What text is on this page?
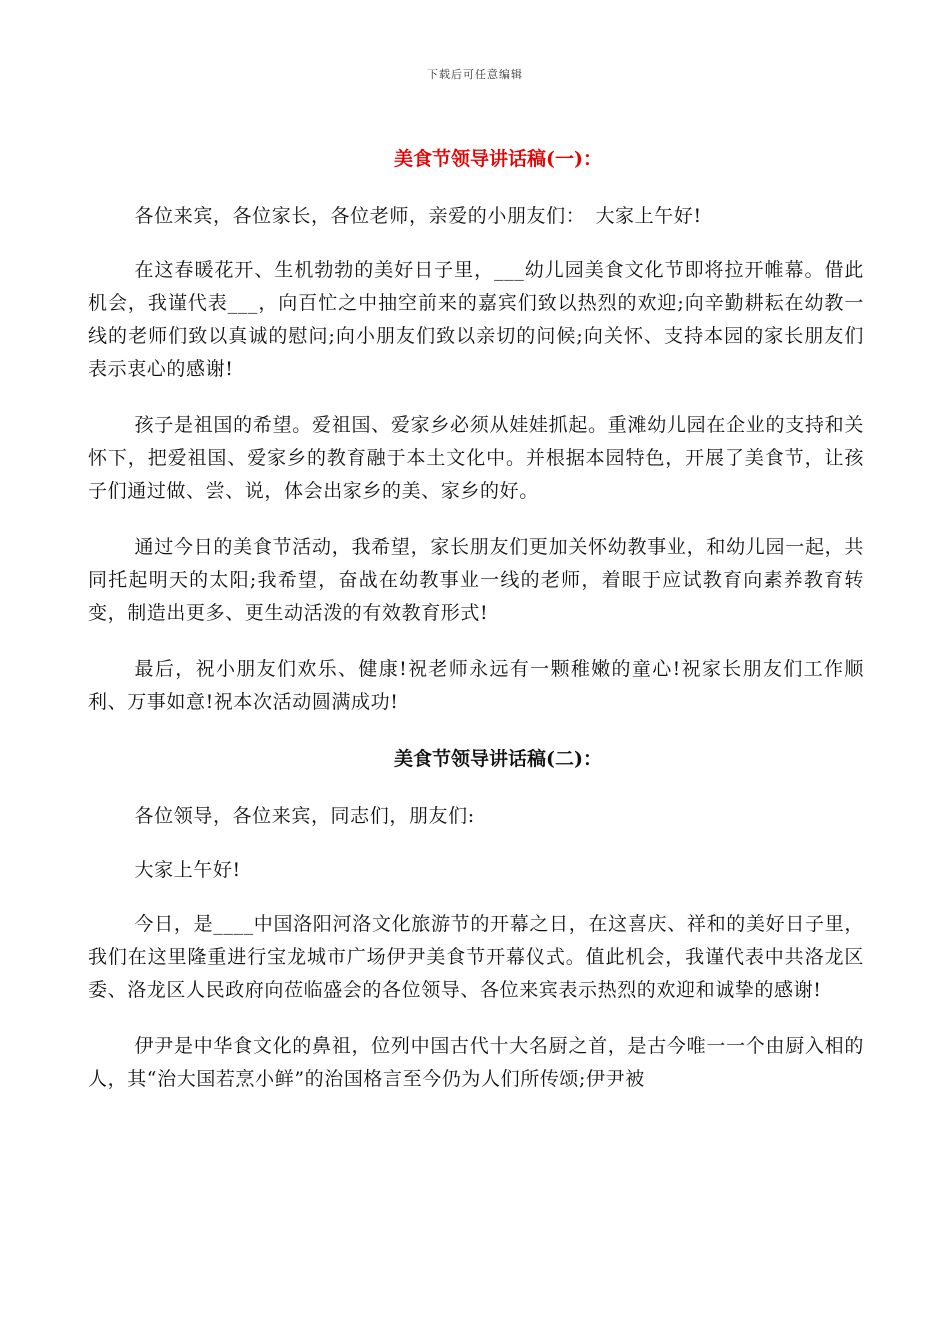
下载后可任意编辑
美食节领导讲话稿(一)：

各位来宾，各位家长，各位老师，亲爱的小朋友们：　大家上午好!

在这春暖花开、生机勃勃的美好日子里，___幼儿园美食文化节即将拉开帷幕。借此机会，我谨代表___，向百忙之中抽空前来的嘉宾们致以热烈的欢迎;向辛勤耕耘在幼教一线的老师们致以真诚的慰问;向小朋友们致以亲切的问候;向关怀、支持本园的家长朋友们表示衷心的感谢!

孩子是祖国的希望。爱祖国、爱家乡必须从娃娃抓起。重滩幼儿园在企业的支持和关怀下，把爱祖国、爱家乡的教育融于本土文化中。并根据本园特色，开展了美食节，让孩子们通过做、尝、说，体会出家乡的美、家乡的好。

通过今日的美食节活动，我希望，家长朋友们更加关怀幼教事业，和幼儿园一起，共同托起明天的太阳;我希望，奋战在幼教事业一线的老师，着眼于应试教育向素养教育转变，制造出更多、更生动活泼的有效教育形式!

最后，祝小朋友们欢乐、健康!祝老师永远有一颗稚嫩的童心!祝家长朋友们工作顺利、万事如意!祝本次活动圆满成功!

美食节领导讲话稿(二)：

各位领导，各位来宾，同志们，朋友们:

大家上午好!

今日，是____中国洛阳河洛文化旅游节的开幕之日，在这喜庆、祥和的美好日子里，我们在这里隆重进行宝龙城市广场伊尹美食节开幕仪式。值此机会，我谨代表中共洛龙区委、洛龙区人民政府向莅临盛会的各位领导、各位来宾表示热烈的欢迎和诚挚的感谢!

伊尹是中华食文化的鼻祖，位列中国古代十大名厨之首，是古今唯一一个由厨入相的人，其“治大国若烹小鲜”的治国格言至今仍为人们所传颂;伊尹被
